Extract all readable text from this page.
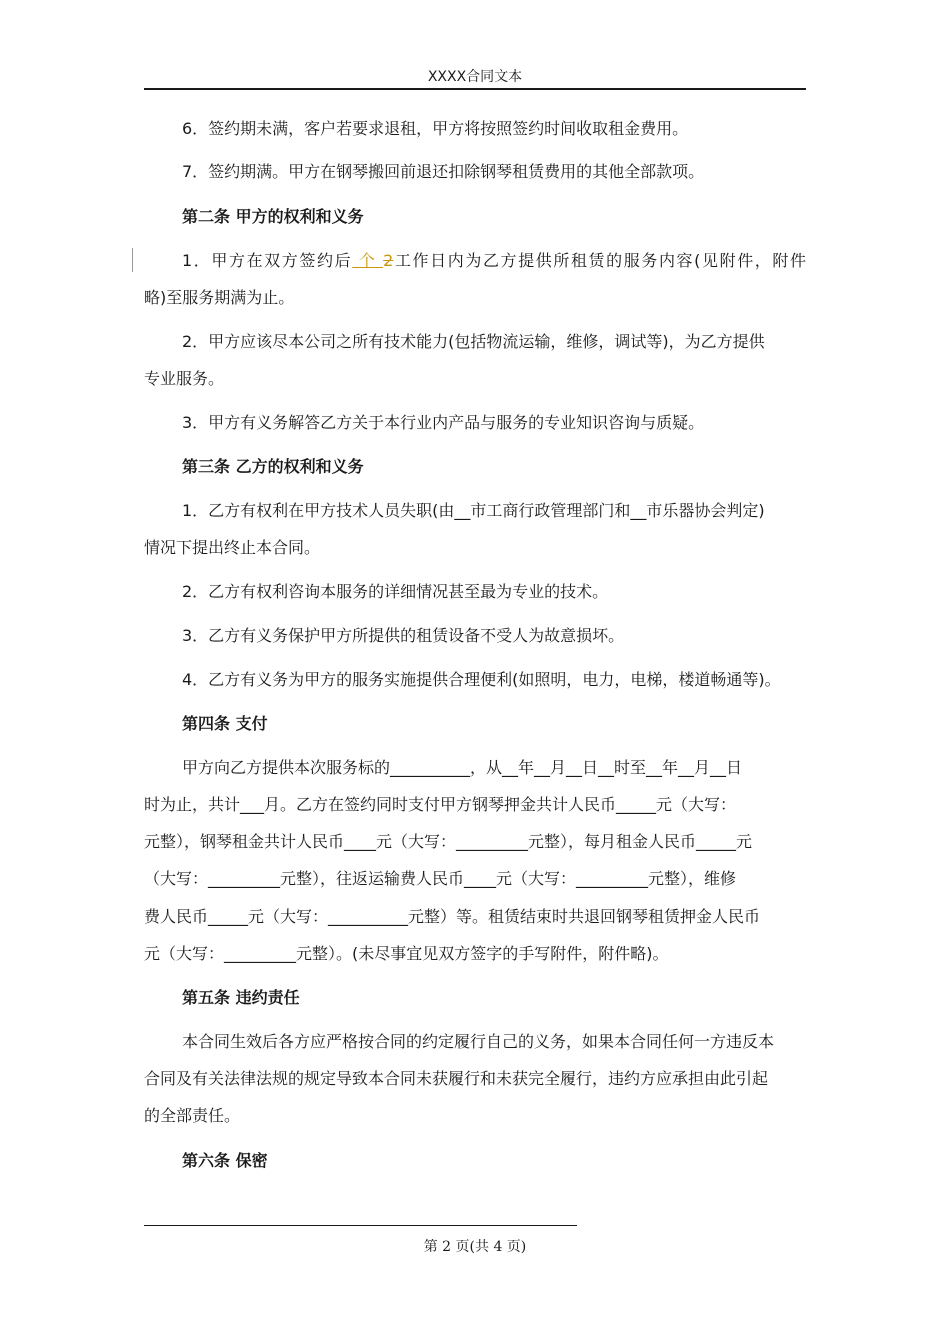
XXXX合同文本
6．签约期未满，客户若要求退租，甲方将按照签约时间收取租金费用。
7．签约期满。甲方在钢琴搬回前退还扣除钢琴租赁费用的其他全部款项。
第二条 甲方的权利和义务
1．甲方在双方签约后 个 2工作日内为乙方提供所租赁的服务内容(见附件，附件
略)至服务期满为止。
2．甲方应该尽本公司之所有技术能力(包括物流运输，维修，调试等)，为乙方提供
专业服务。
3．甲方有义务解答乙方关于本行业内产品与服务的专业知识咨询与质疑。
第三条 乙方的权利和义务
1．乙方有权利在甲方技术人员失职(由__市工商行政管理部门和__市乐器协会判定)
情况下提出终止本合同。
2．乙方有权利咨询本服务的详细情况甚至最为专业的技术。
3．乙方有义务保护甲方所提供的租赁设备不受人为故意损坏。
4．乙方有义务为甲方的服务实施提供合理便利(如照明，电力，电梯，楼道畅通等)。
第四条 支付
甲方向乙方提供本次服务标的__________，从__年__月__日__时至__年__月__日
时为止，共计___月。乙方在签约同时支付甲方钢琴押金共计人民币_____元（大写：
元整），钢琴租金共计人民币____元（大写：_________元整），每月租金人民币_____元
（大写：_________元整），往返运输费人民币____元（大写：_________元整），维修
费人民币_____元（大写：__________元整）等。租赁结束时共退回钢琴租赁押金人民币
元（大写：_________元整）。(未尽事宜见双方签字的手写附件，附件略)。
第五条 违约责任
本合同生效后各方应严格按合同的约定履行自己的义务，如果本合同任何一方违反本
合同及有关法律法规的规定导致本合同未获履行和未获完全履行，违约方应承担由此引起
的全部责任。
第六条 保密
第 2 页(共 4 页)
